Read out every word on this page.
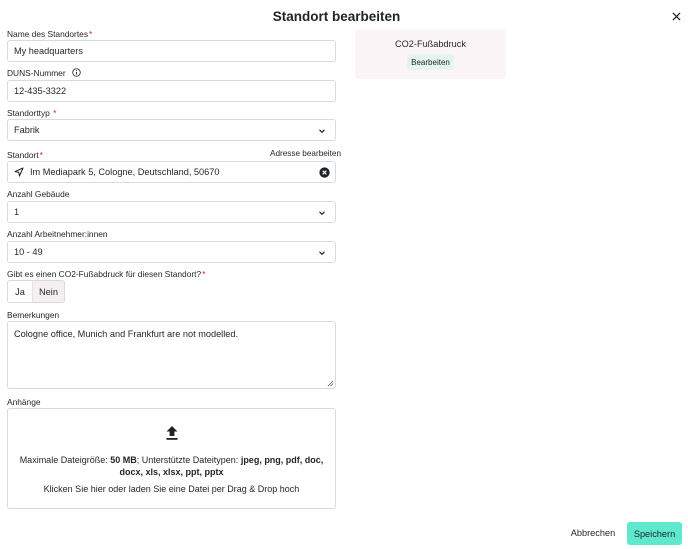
Standort bearbeiten
Name des Standortes*
My headquarters
DUNS-Nummer
12-435-3322
Standorttyp *
Fabrik
Standort*	Adresse bearbeiten
Im Mediapark 5, Cologne, Deutschland, 50670
Anzahl Gebäude
1
Anzahl Arbeitnehmer:innen
10 - 49
Gibt es einen CO2-Fußabdruck für diesen Standort?*
Ja	Nein
Bemerkungen
Cologne office, Munich and Frankfurt are not modelled.
Anhänge
Maximale Dateigröße: 50 MB; Unterstützte Dateitypen: jpeg, png, pdf, doc,
docx, xls, xlsx, ppt, pptx
Klicken Sie hier oder laden Sie eine Datei per Drag & Drop hoch
CO2-Fußabdruck
Bearbeiten
Abbrechen	Speichern
